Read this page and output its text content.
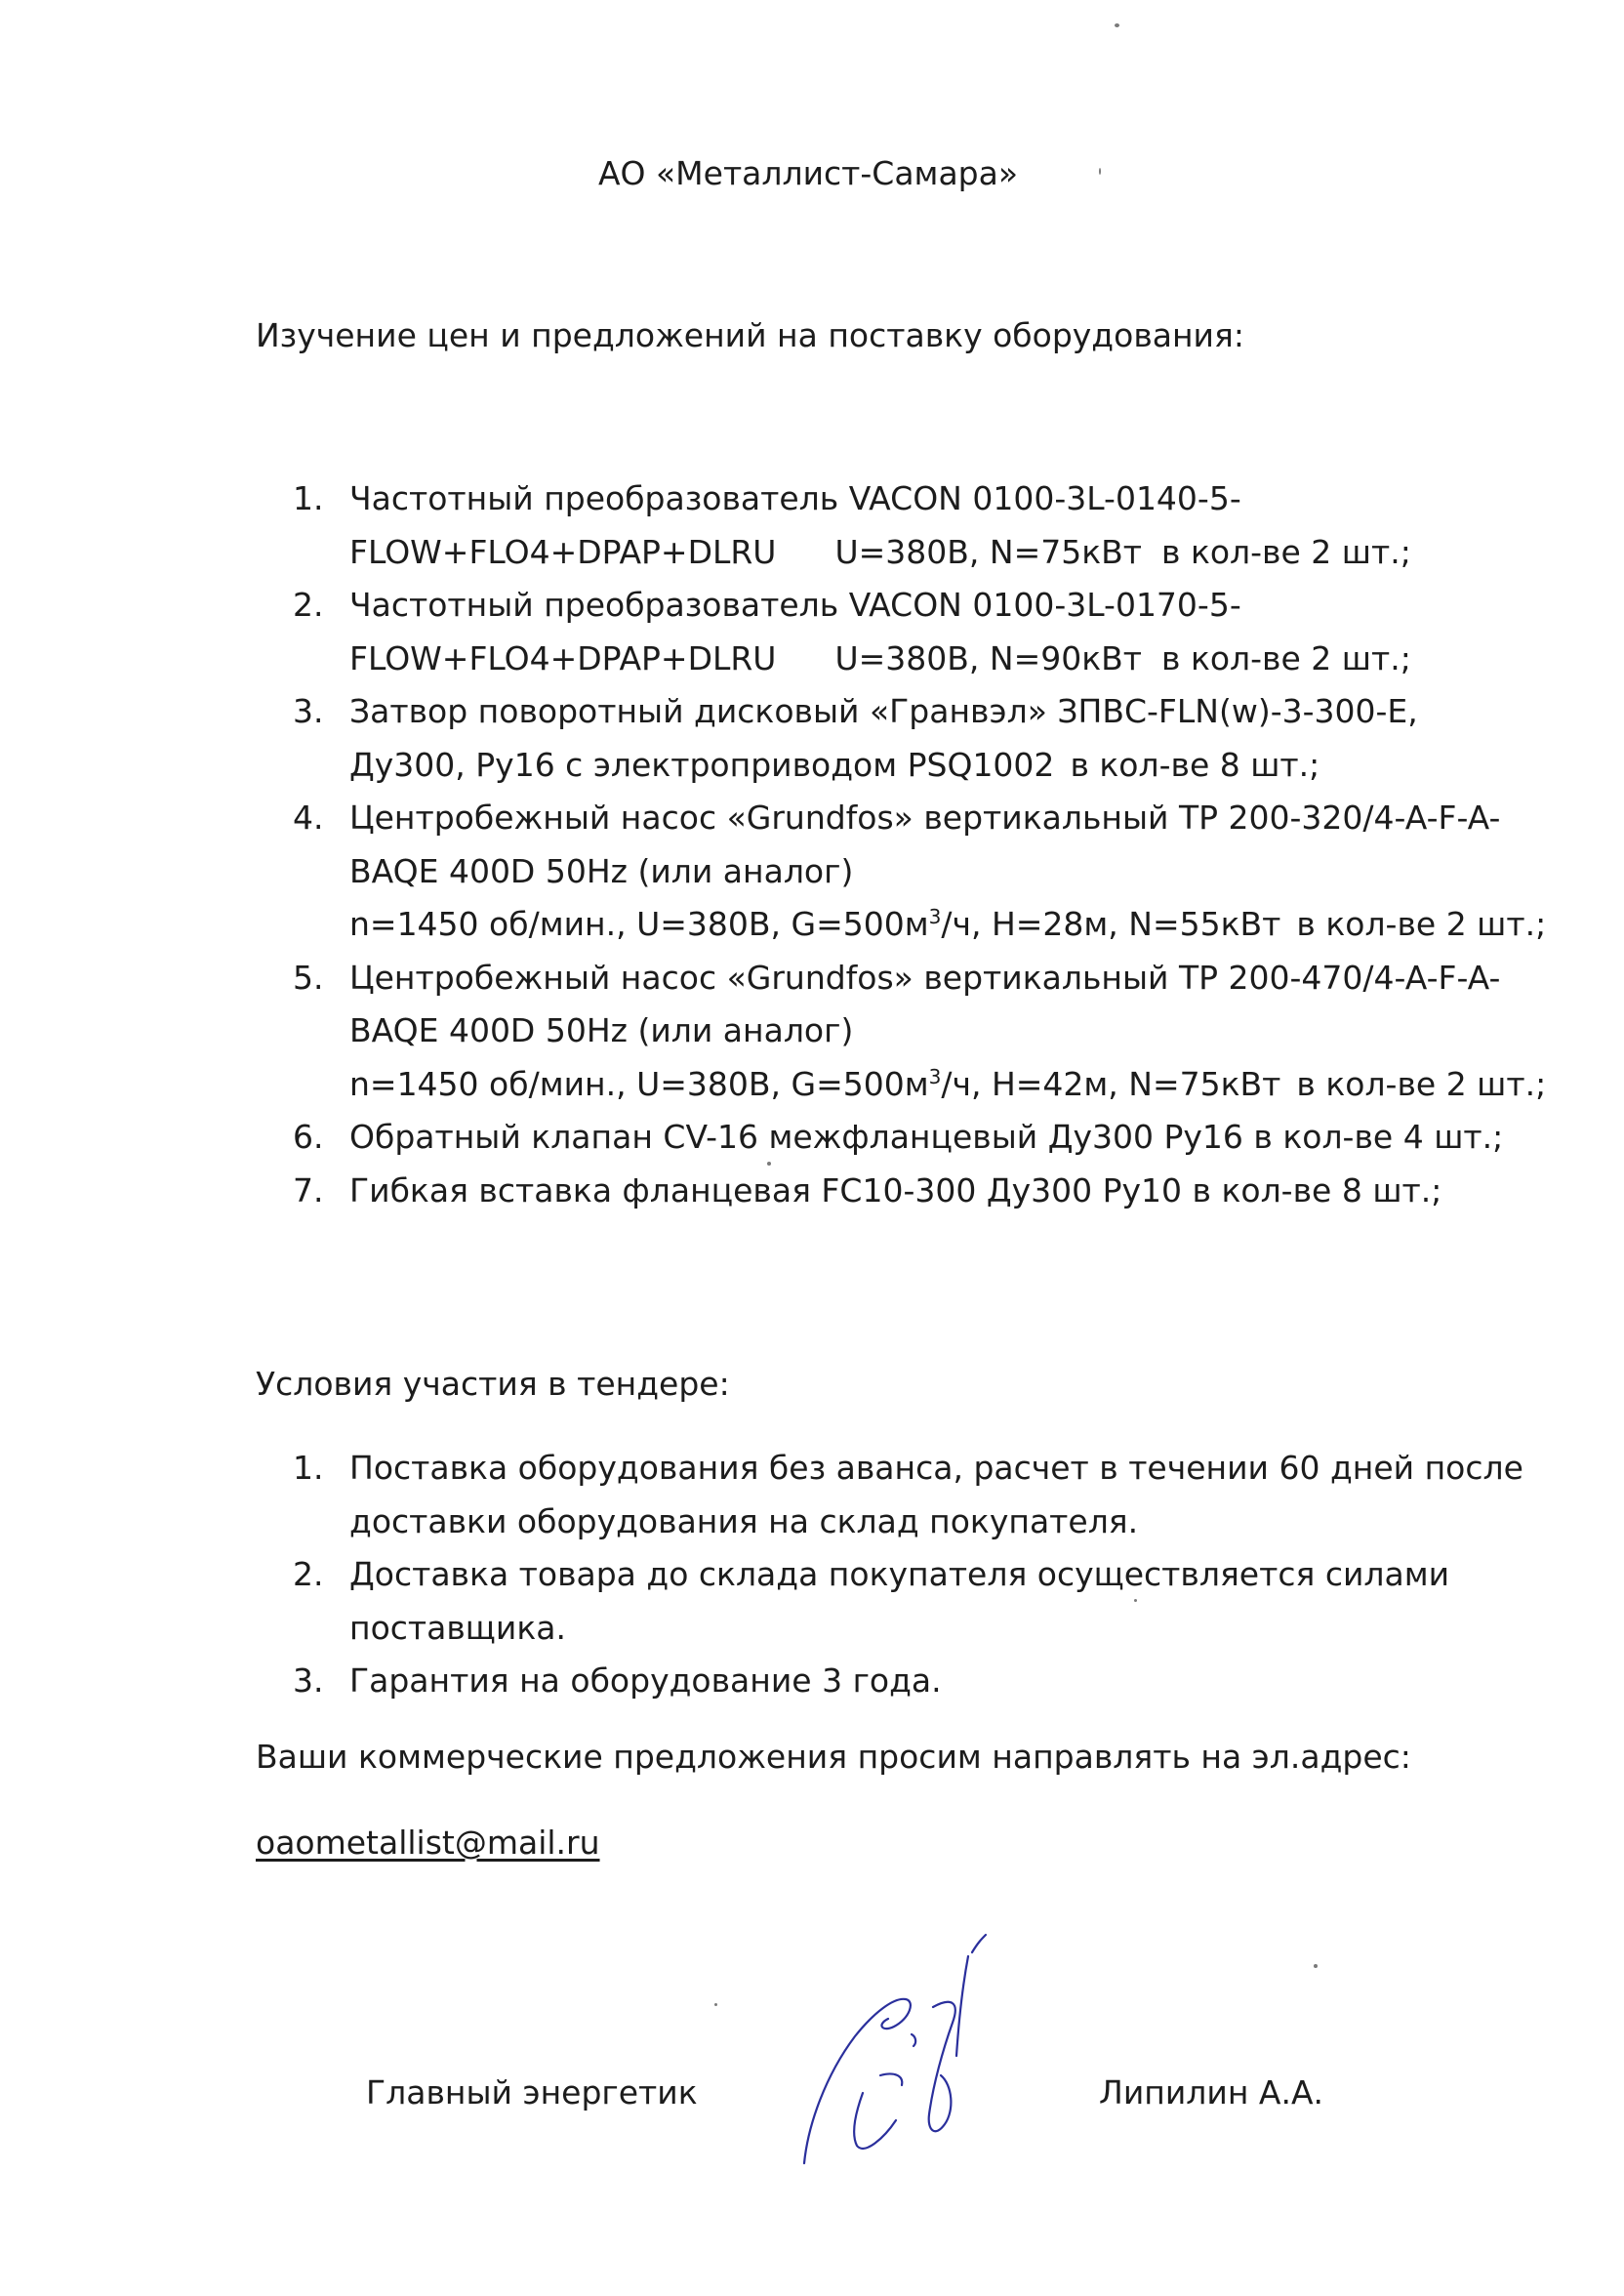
АО «Металлист-Самара»
Изучение цен и предложений на поставку оборудования:
1. Частотный преобразователь VACON 0100-3L-0140-5-
FLOW+FLO4+DPAP+DLRU U=380В, N=75кВт в кол-ве 2 шт.;
2. Частотный преобразователь VACON 0100-3L-0170-5-
FLOW+FLO4+DPAP+DLRU U=380В, N=90кВт в кол-ве 2 шт.;
3. Затвор поворотный дисковый «Гранвэл» ЗПВС-FLN(w)-3-300-Е,
Ду300, Ру16 с электроприводом PSQ1002 в кол-ве 8 шт.;
4. Центробежный насос «Grundfos» вертикальный TP 200-320/4-A-F-A-
BAQE 400D 50Hz (или аналог)
n=1450 об/мин., U=380В, $G=500м^3/ч$, Н=28м, N=55кВт в кол-ве 2 шт.;
5. Центробежный насос «Grundfos» вертикальный TP 200-470/4-A-F-A-
BAQE 400D 50Hz (или аналог)
n=1450 об/мин., U=380В, $G=500м^3/ч$, Н=42м, N=75кВт в кол-ве 2 шт.;
6. Обратный клапан CV-16 межфланцевый Ду300 Ру16 в кол-ве 4 шт.;
7. Гибкая вставка фланцевая FC10-300 Ду300 Ру10 в кол-ве 8 шт.;
Условия участия в тендере:
1. Поставка оборудования без аванса, расчет в течении 60 дней после
доставки оборудования на склад покупателя.
2. Доставка товара до склада покупателя осуществляется силами
поставщика.
3. Гарантия на оборудование 3 года.
Ваши коммерческие предложения просим направлять на эл.адрес:
oaometallist@mail.ru
Главный энергетик	Липилин А.А.
